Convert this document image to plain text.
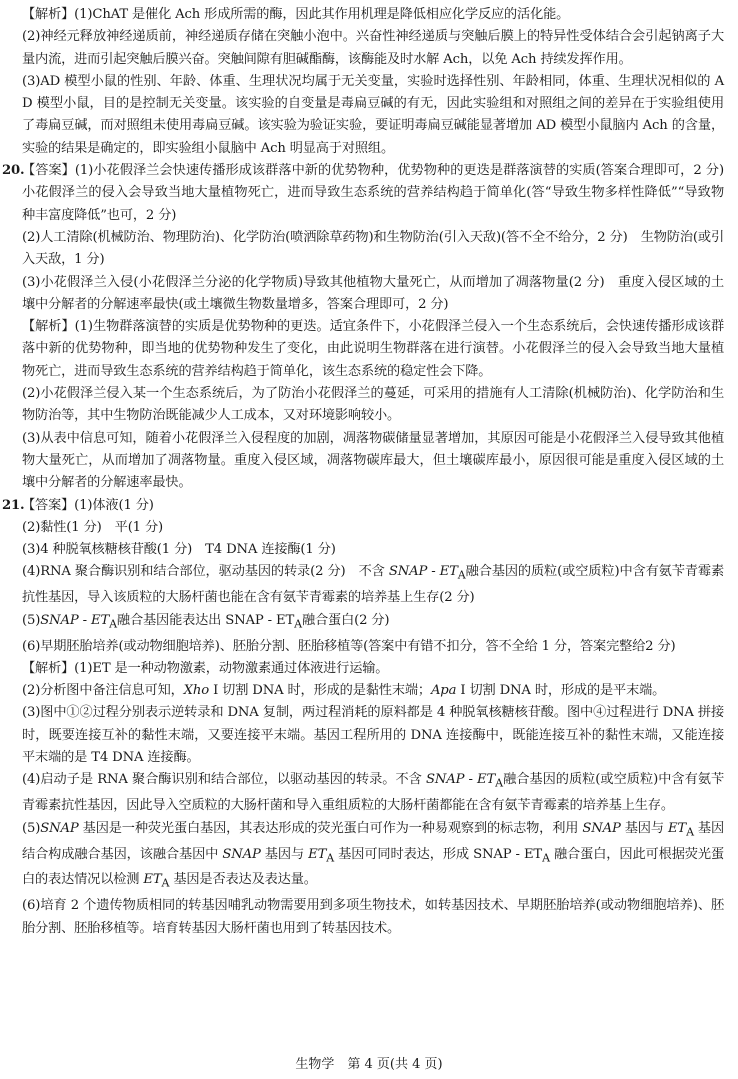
【解析】(1)ChAT 是催化 Ach 形成所需的酶，因此其作用机理是降低相应化学反应的活化能。

(2)神经元释放神经递质前，神经递质存储在突触小泡中。兴奋性神经递质与突触后膜上的特异性受体结合会引起钠离子大量内流，进而引起突触后膜兴奋。突触间隙有胆碱酯酶，该酶能及时水解 Ach，以免 Ach 持续发挥作用。

(3)AD 模型小鼠的性别、年龄、体重、生理状况均属于无关变量，实验时选择性别、年龄相同，体重、生理状况相似的 AD 模型小鼠，目的是控制无关变量。该实验的自变量是毒扁豆碱的有无，因此实验组和对照组之间的差异在于实验组使用了毒扁豆碱，而对照组未使用毒扁豆碱。该实验为验证实验，要证明毒扁豆碱能显著增加 AD 模型小鼠脑内 Ach 的含量，实验的结果是确定的，即实验组小鼠脑中 Ach 明显高于对照组。

20.

【答案】(1)小花假泽兰会快速传播形成该群落中新的优势物种，优势物种的更迭是群落演替的实质(答案合理即可，2 分)　小花假泽兰的侵入会导致当地大量植物死亡，进而导致生态系统的营养结构趋于简单化(答“导致生物多样性降低”“导致物种丰富度降低”也可，2 分)

(2)人工清除(机械防治、物理防治)、化学防治(喷洒除草药物)和生物防治(引入天敌)(答不全不给分，2 分)　生物防治(或引入天敌，1 分)

(3)小花假泽兰入侵(小花假泽兰分泌的化学物质)导致其他植物大量死亡，从而增加了凋落物量(2 分)　重度入侵区域的土壤中分解者的分解速率最快(或土壤微生物数量增多，答案合理即可，2 分)

【解析】(1)生物群落演替的实质是优势物种的更迭。适宜条件下，小花假泽兰侵入一个生态系统后，会快速传播形成该群落中新的优势物种，即当地的优势物种发生了变化，由此说明生物群落在进行演替。小花假泽兰的侵入会导致当地大量植物死亡，进而导致生态系统的营养结构趋于简单化，该生态系统的稳定性会下降。

(2)小花假泽兰侵入某一个生态系统后，为了防治小花假泽兰的蔓延，可采用的措施有人工清除(机械防治)、化学防治和生物防治等，其中生物防治既能减少人工成本，又对环境影响较小。

(3)从表中信息可知，随着小花假泽兰入侵程度的加剧，凋落物碳储量显著增加，其原因可能是小花假泽兰入侵导致其他植物大量死亡，从而增加了凋落物量。重度入侵区域，凋落物碳库最大，但土壤碳库最小，原因很可能是重度入侵区域的土壤中分解者的分解速率最快。

21.

【答案】(1)体液(1 分)

(2)黏性(1 分)　平(1 分)

(3)4 种脱氧核糖核苷酸(1 分)　T4 DNA 连接酶(1 分)

(4)RNA 聚合酶识别和结合部位，驱动基因的转录(2 分)　不含 SNAP - $ET_A$融合基因的质粒(或空质粒)中含有氨苄青霉素抗性基因，导入该质粒的大肠杆菌也能在含有氨苄青霉素的培养基上生存(2 分)

(5)SNAP - $ET_A$融合基因能表达出 SNAP - $ET_A$融合蛋白(2 分)

(6)早期胚胎培养(或动物细胞培养)、胚胎分割、胚胎移植等(答案中有错不扣分，答不全给 1 分，答案完整给2 分)

【解析】(1)ET 是一种动物激素，动物激素通过体液进行运输。

(2)分析图中备注信息可知，Xho Ⅰ 切割 DNA 时，形成的是黏性末端；Apa Ⅰ 切割 DNA 时，形成的是平末端。

(3)图中①②过程分别表示逆转录和 DNA 复制，两过程消耗的原料都是 4 种脱氧核糖核苷酸。图中④过程进行 DNA 拼接时，既要连接互补的黏性末端，又要连接平末端。基因工程所用的 DNA 连接酶中，既能连接互补的黏性末端，又能连接平末端的是 T4 DNA 连接酶。

(4)启动子是 RNA 聚合酶识别和结合部位，以驱动基因的转录。不含 SNAP - $ET_A$融合基因的质粒(或空质粒)中含有氨苄青霉素抗性基因，因此导入空质粒的大肠杆菌和导入重组质粒的大肠杆菌都能在含有氨苄青霉素的培养基上生存。

(5)SNAP 基因是一种荧光蛋白基因，其表达形成的荧光蛋白可作为一种易观察到的标志物，利用 SNAP 基因与 $ET_A$ 基因结合构成融合基因，该融合基因中 SNAP 基因与 $ET_A$ 基因可同时表达，形成 SNAP - $ET_A$ 融合蛋白，因此可根据荧光蛋白的表达情况以检测 $ET_A$ 基因是否表达及表达量。

(6)培育 2 个遗传物质相同的转基因哺乳动物需要用到多项生物技术，如转基因技术、早期胚胎培养(或动物细胞培养)、胚胎分割、胚胎移植等。培育转基因大肠杆菌也用到了转基因技术。

生物学　第 4 页(共 4 页)
